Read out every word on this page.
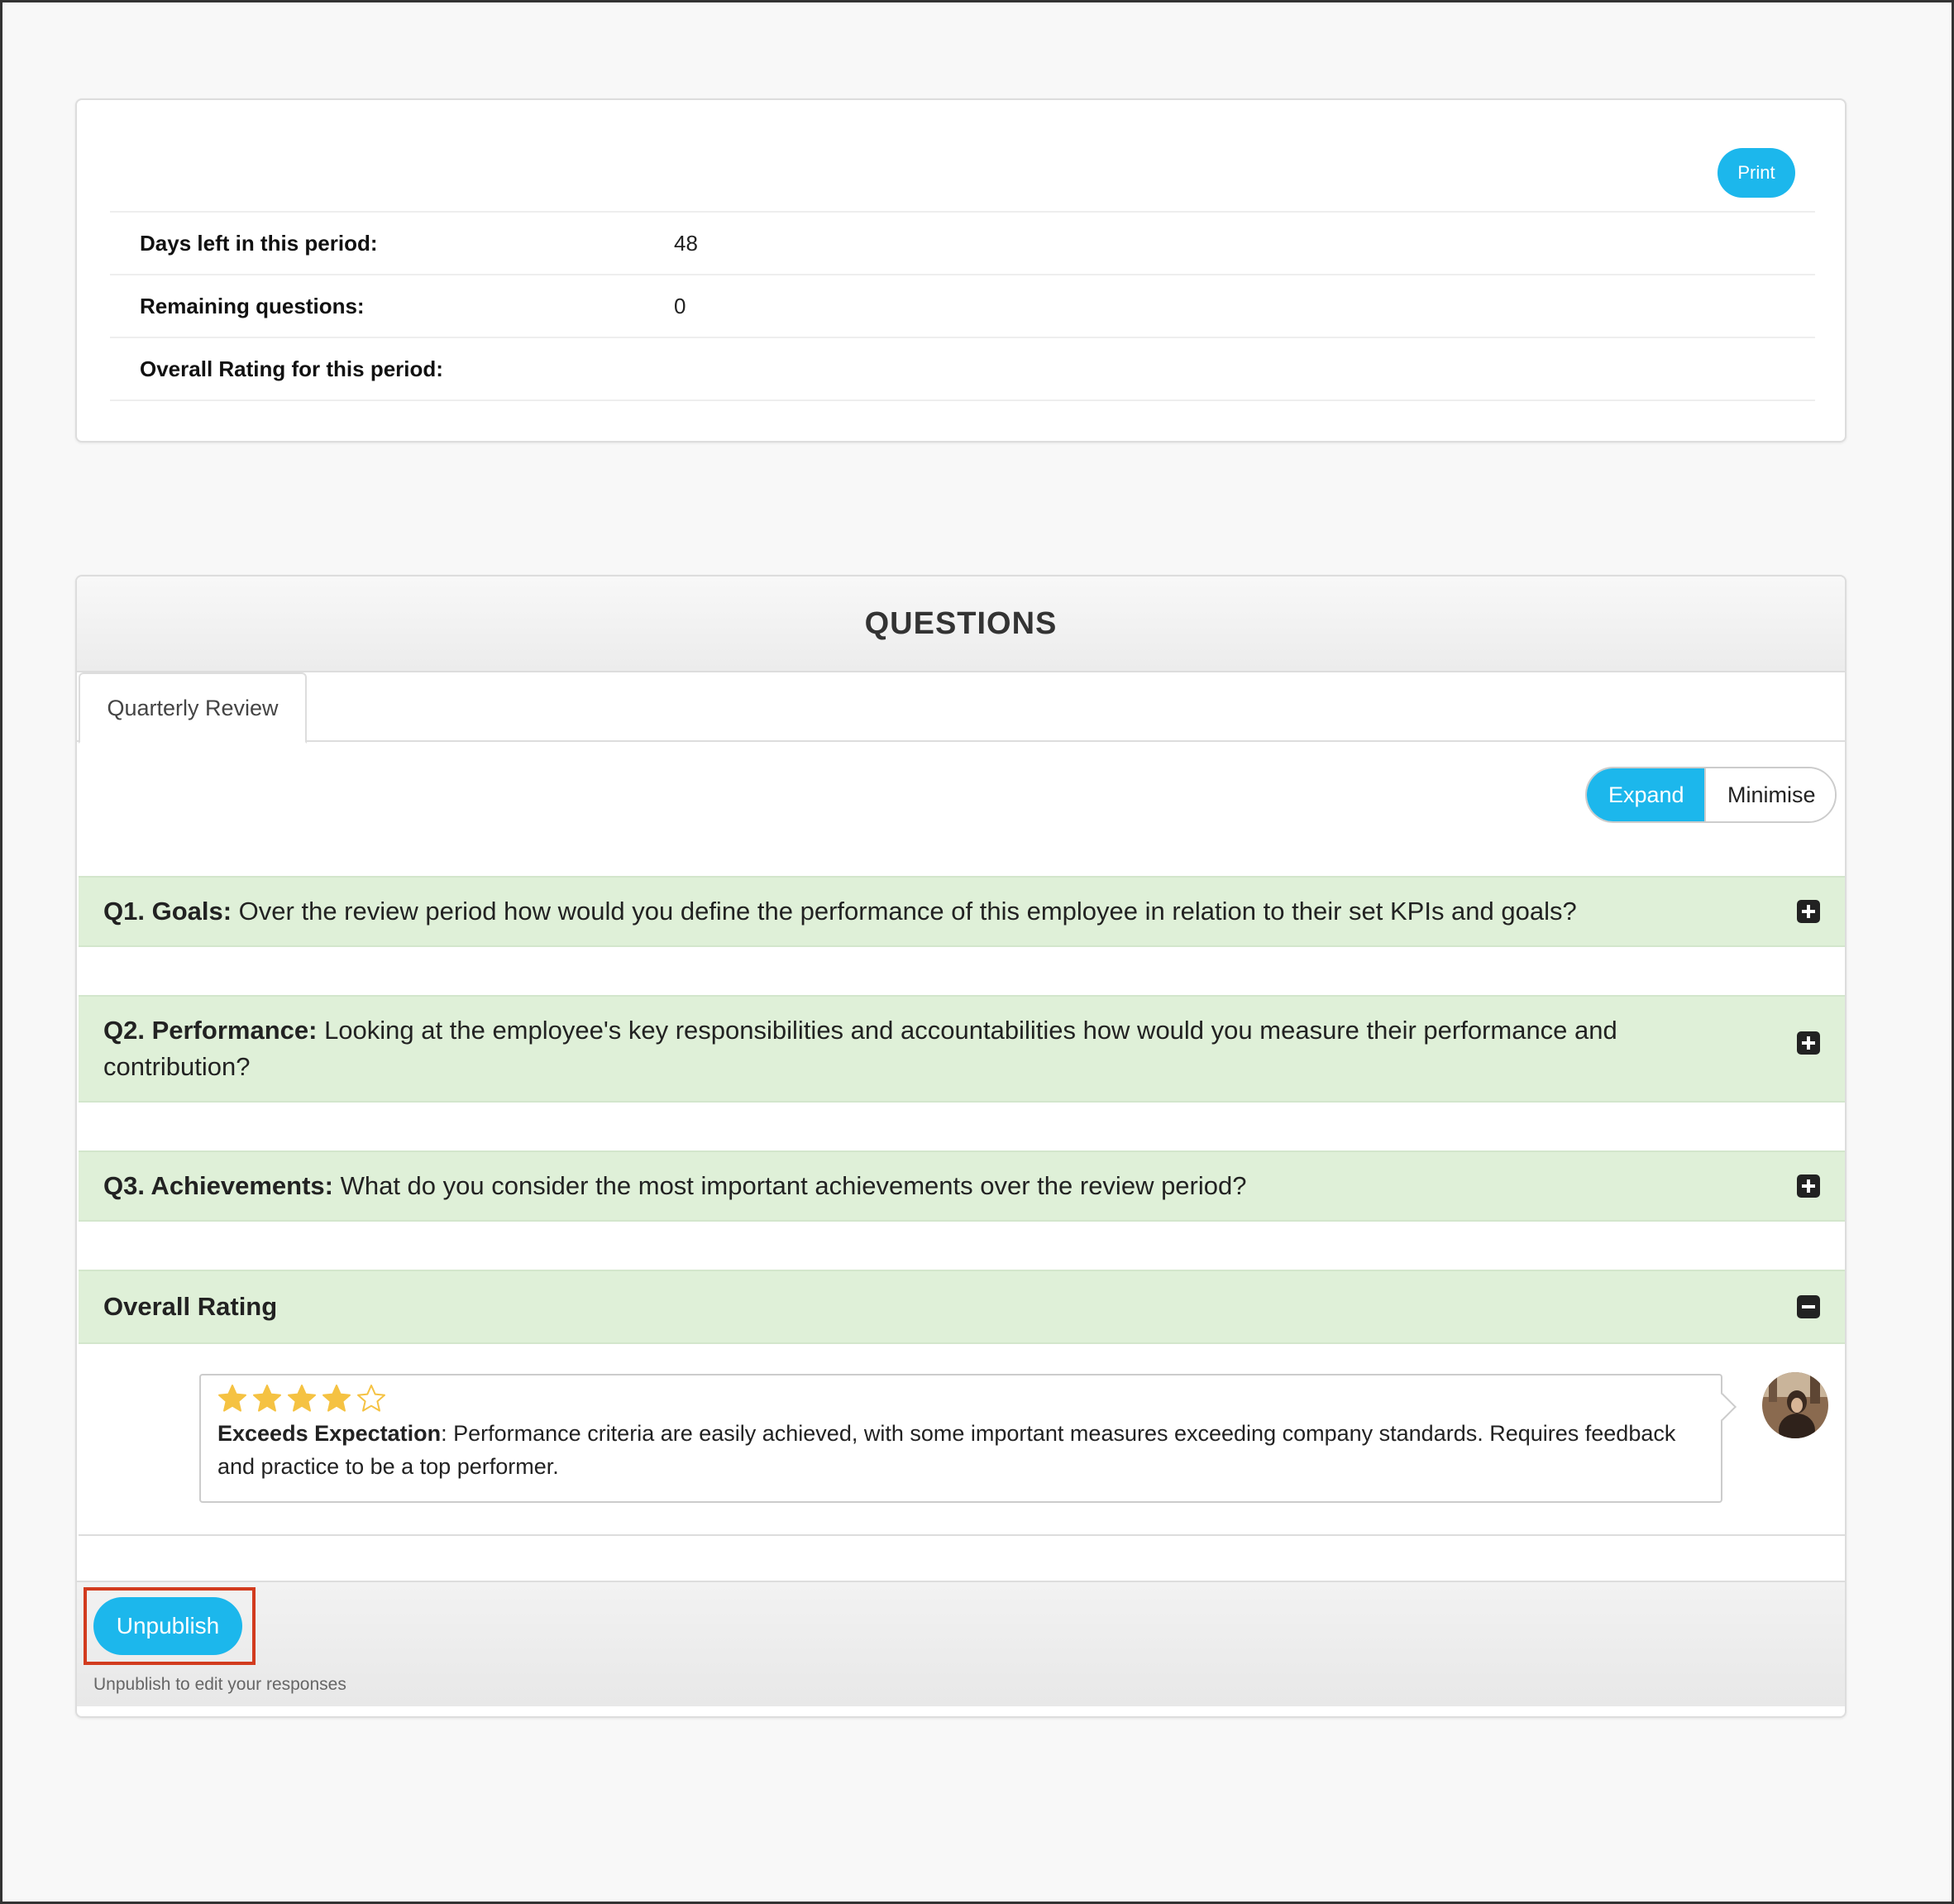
Print
Days left in this period:	48
Remaining questions:	0
Overall Rating for this period:
QUESTIONS
Quarterly Review
Expand	Minimise
Q1. Goals: Over the review period how would you define the performance of this employee in relation to their set KPIs and goals?
Q2. Performance: Looking at the employee's key responsibilities and accountabilities how would you measure their performance and contribution?
Q3. Achievements: What do you consider the most important achievements over the review period?
Overall Rating
Exceeds Expectation: Performance criteria are easily achieved, with some important measures exceeding company standards. Requires feedback and practice to be a top performer.
Unpublish
Unpublish to edit your responses
